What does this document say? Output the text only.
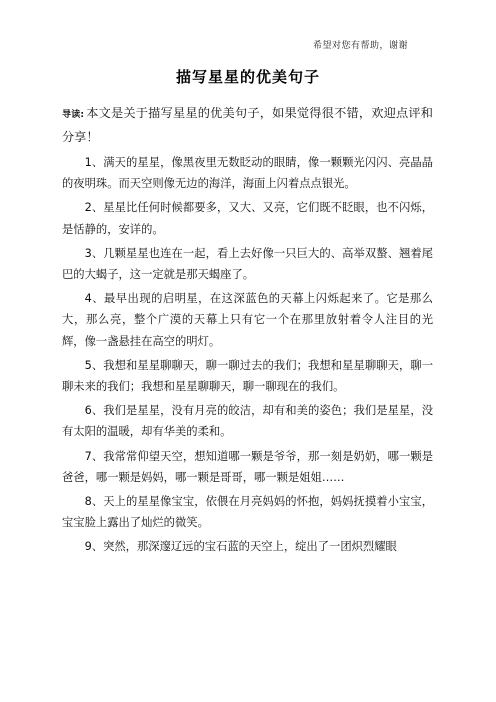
希望对您有帮助，谢谢
描写星星的优美句子

导读: 本文是关于描写星星的优美句子，如果觉得很不错，欢迎点评和分享！

1、满天的星星，像黑夜里无数眨动的眼睛，像一颗颗光闪闪、亮晶晶的夜明珠。而天空则像无边的海洋，海面上闪着点点银光。

2、星星比任何时候都要多，又大、又亮，它们既不眨眼，也不闪烁，是恬静的，安详的。

3、几颗星星也连在一起，看上去好像一只巨大的、高举双螯、翘着尾巴的大蝎子，这一定就是那天蝎座了。

4、最早出现的启明星，在这深蓝色的天幕上闪烁起来了。它是那么大，那么亮，整个广漠的天幕上只有它一个在那里放射着令人注目的光辉，像一盏悬挂在高空的明灯。

5、我想和星星聊聊天，聊一聊过去的我们；我想和星星聊聊天，聊一聊未来的我们；我想和星星聊聊天，聊一聊现在的我们。

6、我们是星星，没有月亮的皎洁，却有和美的姿色；我们是星星，没有太阳的温暖，却有华美的柔和。

7、我常常仰望天空，想知道哪一颗是爷爷，那一刻是奶奶，哪一颗是爸爸，哪一颗是妈妈，哪一颗是哥哥，哪一颗是姐姐……

8、天上的星星像宝宝，依偎在月亮妈妈的怀抱，妈妈抚摸着小宝宝，宝宝脸上露出了灿烂的微笑。

9、突然，那深邃辽远的宝石蓝的天空上，绽出了一团炽烈耀眼
